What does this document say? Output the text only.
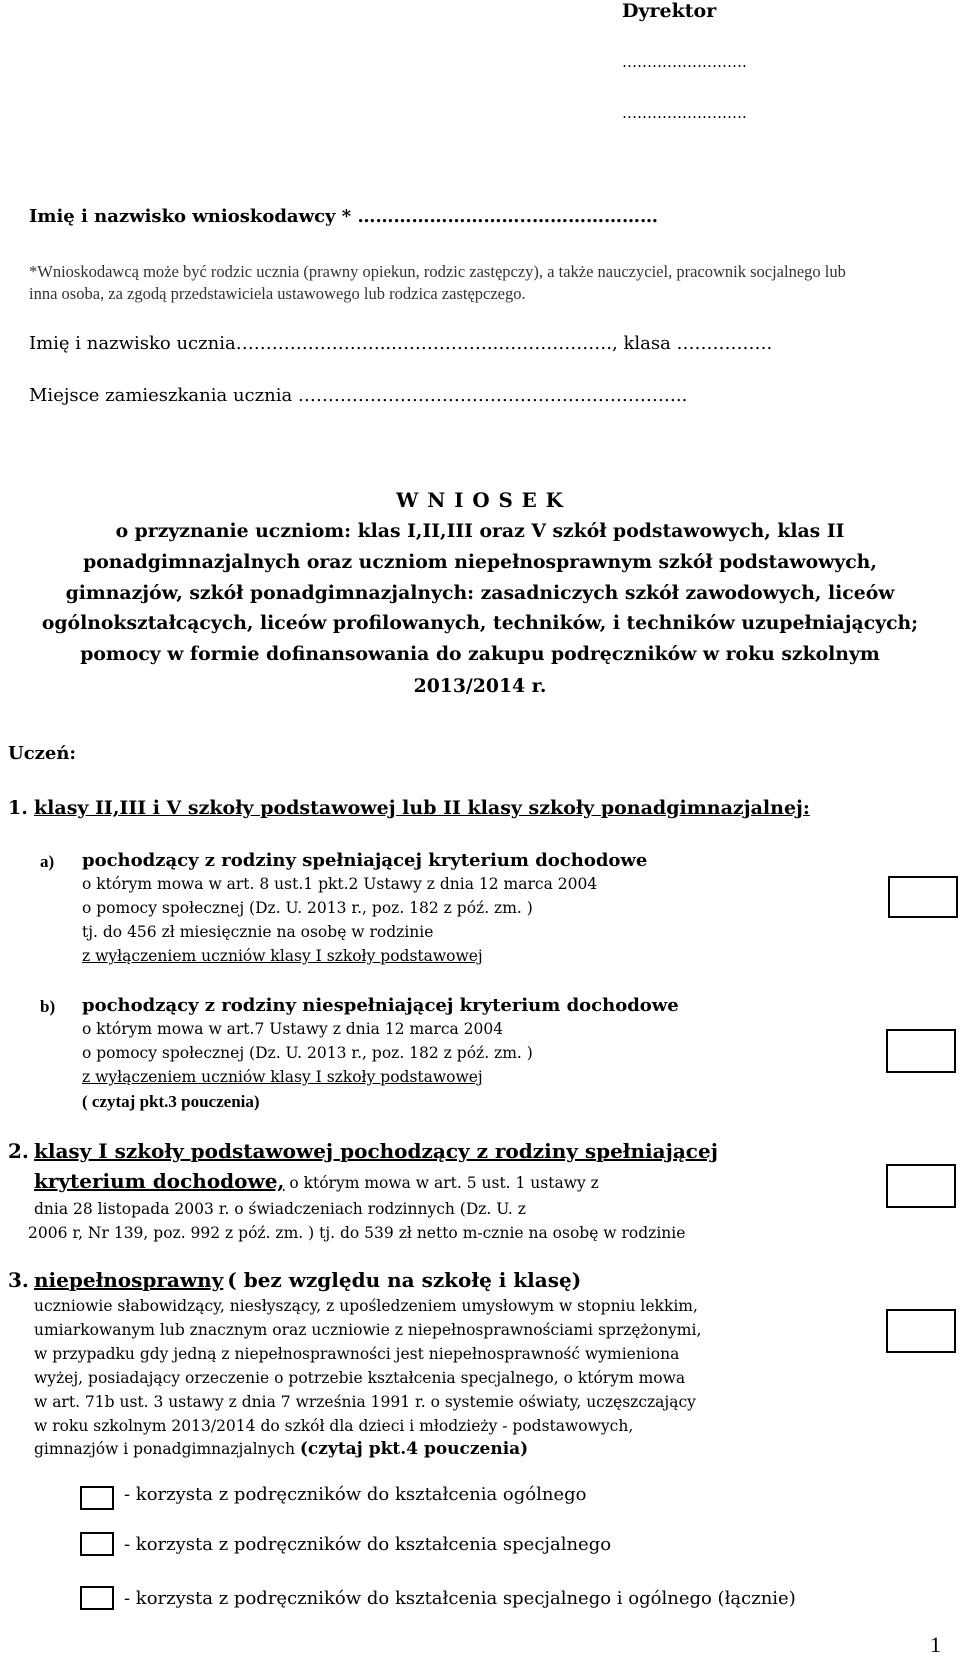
Dyrektor
…………………….
…………………….
Imię i nazwisko wnioskodawcy * ………………………..…………………
*Wnioskodawcą może być rodzic ucznia (prawny opiekun, rodzic zastępczy), a także nauczyciel, pracownik socjalnego lub
inna osoba, za zgodą przedstawiciela ustawowego lub rodzica zastępczego.
Imię i nazwisko ucznia……………………...……………..………………., klasa …………….
Miejsce zamieszkania ucznia ………………………………………………………..
W N I O S E K
o przyznanie uczniom: klas I,II,III oraz V szkół podstawowych, klas II
ponadgimnazjalnych oraz uczniom niepełnosprawnym szkół podstawowych,
gimnazjów, szkół ponadgimnazjalnych: zasadniczych szkół zawodowych, liceów
ogólnokształcących, liceów profilowanych, techników, i techników uzupełniających;
pomocy w formie dofinansowania do zakupu podręczników w roku szkolnym
2013/2014 r.
Uczeń:
1. klasy II,III i V szkoły podstawowej lub II klasy szkoły ponadgimnazjalnej:
a) pochodzący z rodziny spełniającej kryterium dochodowe
o którym mowa w art. 8 ust.1 pkt.2 Ustawy z dnia 12 marca 2004
o pomocy społecznej (Dz. U. 2013 r., poz. 182 z póź. zm. )
tj. do 456 zł miesięcznie na osobę w rodzinie
z wyłączeniem uczniów klasy I szkoły podstawowej
b) pochodzący z rodziny niespełniającej kryterium dochodowe
o którym mowa w art.7 Ustawy z dnia 12 marca 2004
o pomocy społecznej (Dz. U. 2013 r., poz. 182 z póź. zm. )
z wyłączeniem uczniów klasy I szkoły podstawowej
( czytaj pkt.3 pouczenia)
2. klasy I szkoły podstawowej pochodzący z rodziny spełniającej
kryterium dochodowe, o którym mowa w art. 5 ust. 1 ustawy z
dnia 28 listopada 2003 r. o świadczeniach rodzinnych (Dz. U. z
2006 r, Nr 139, poz. 992 z póź. zm. ) tj. do 539 zł netto m-cznie na osobę w rodzinie
3. niepełnosprawny ( bez względu na szkołę i klasę)
uczniowie słabowidzący, niesłyszący, z upośledzeniem umysłowym w stopniu lekkim,
umiarkowanym lub znacznym oraz uczniowie z niepełnosprawnościami sprzężonymi,
w przypadku gdy jedną z niepełnosprawności jest niepełnosprawność wymieniona
wyżej, posiadający orzeczenie o potrzebie kształcenia specjalnego, o którym mowa
w art. 71b ust. 3 ustawy z dnia 7 września 1991 r. o systemie oświaty, uczęszczający
w roku szkolnym 2013/2014 do szkół dla dzieci i młodzieży - podstawowych,
gimnazjów i ponadgimnazjalnych (czytaj pkt.4 pouczenia)
- korzysta z podręczników do kształcenia ogólnego
- korzysta z podręczników do kształcenia specjalnego
- korzysta z podręczników do kształcenia specjalnego i ogólnego (łącznie)
1
